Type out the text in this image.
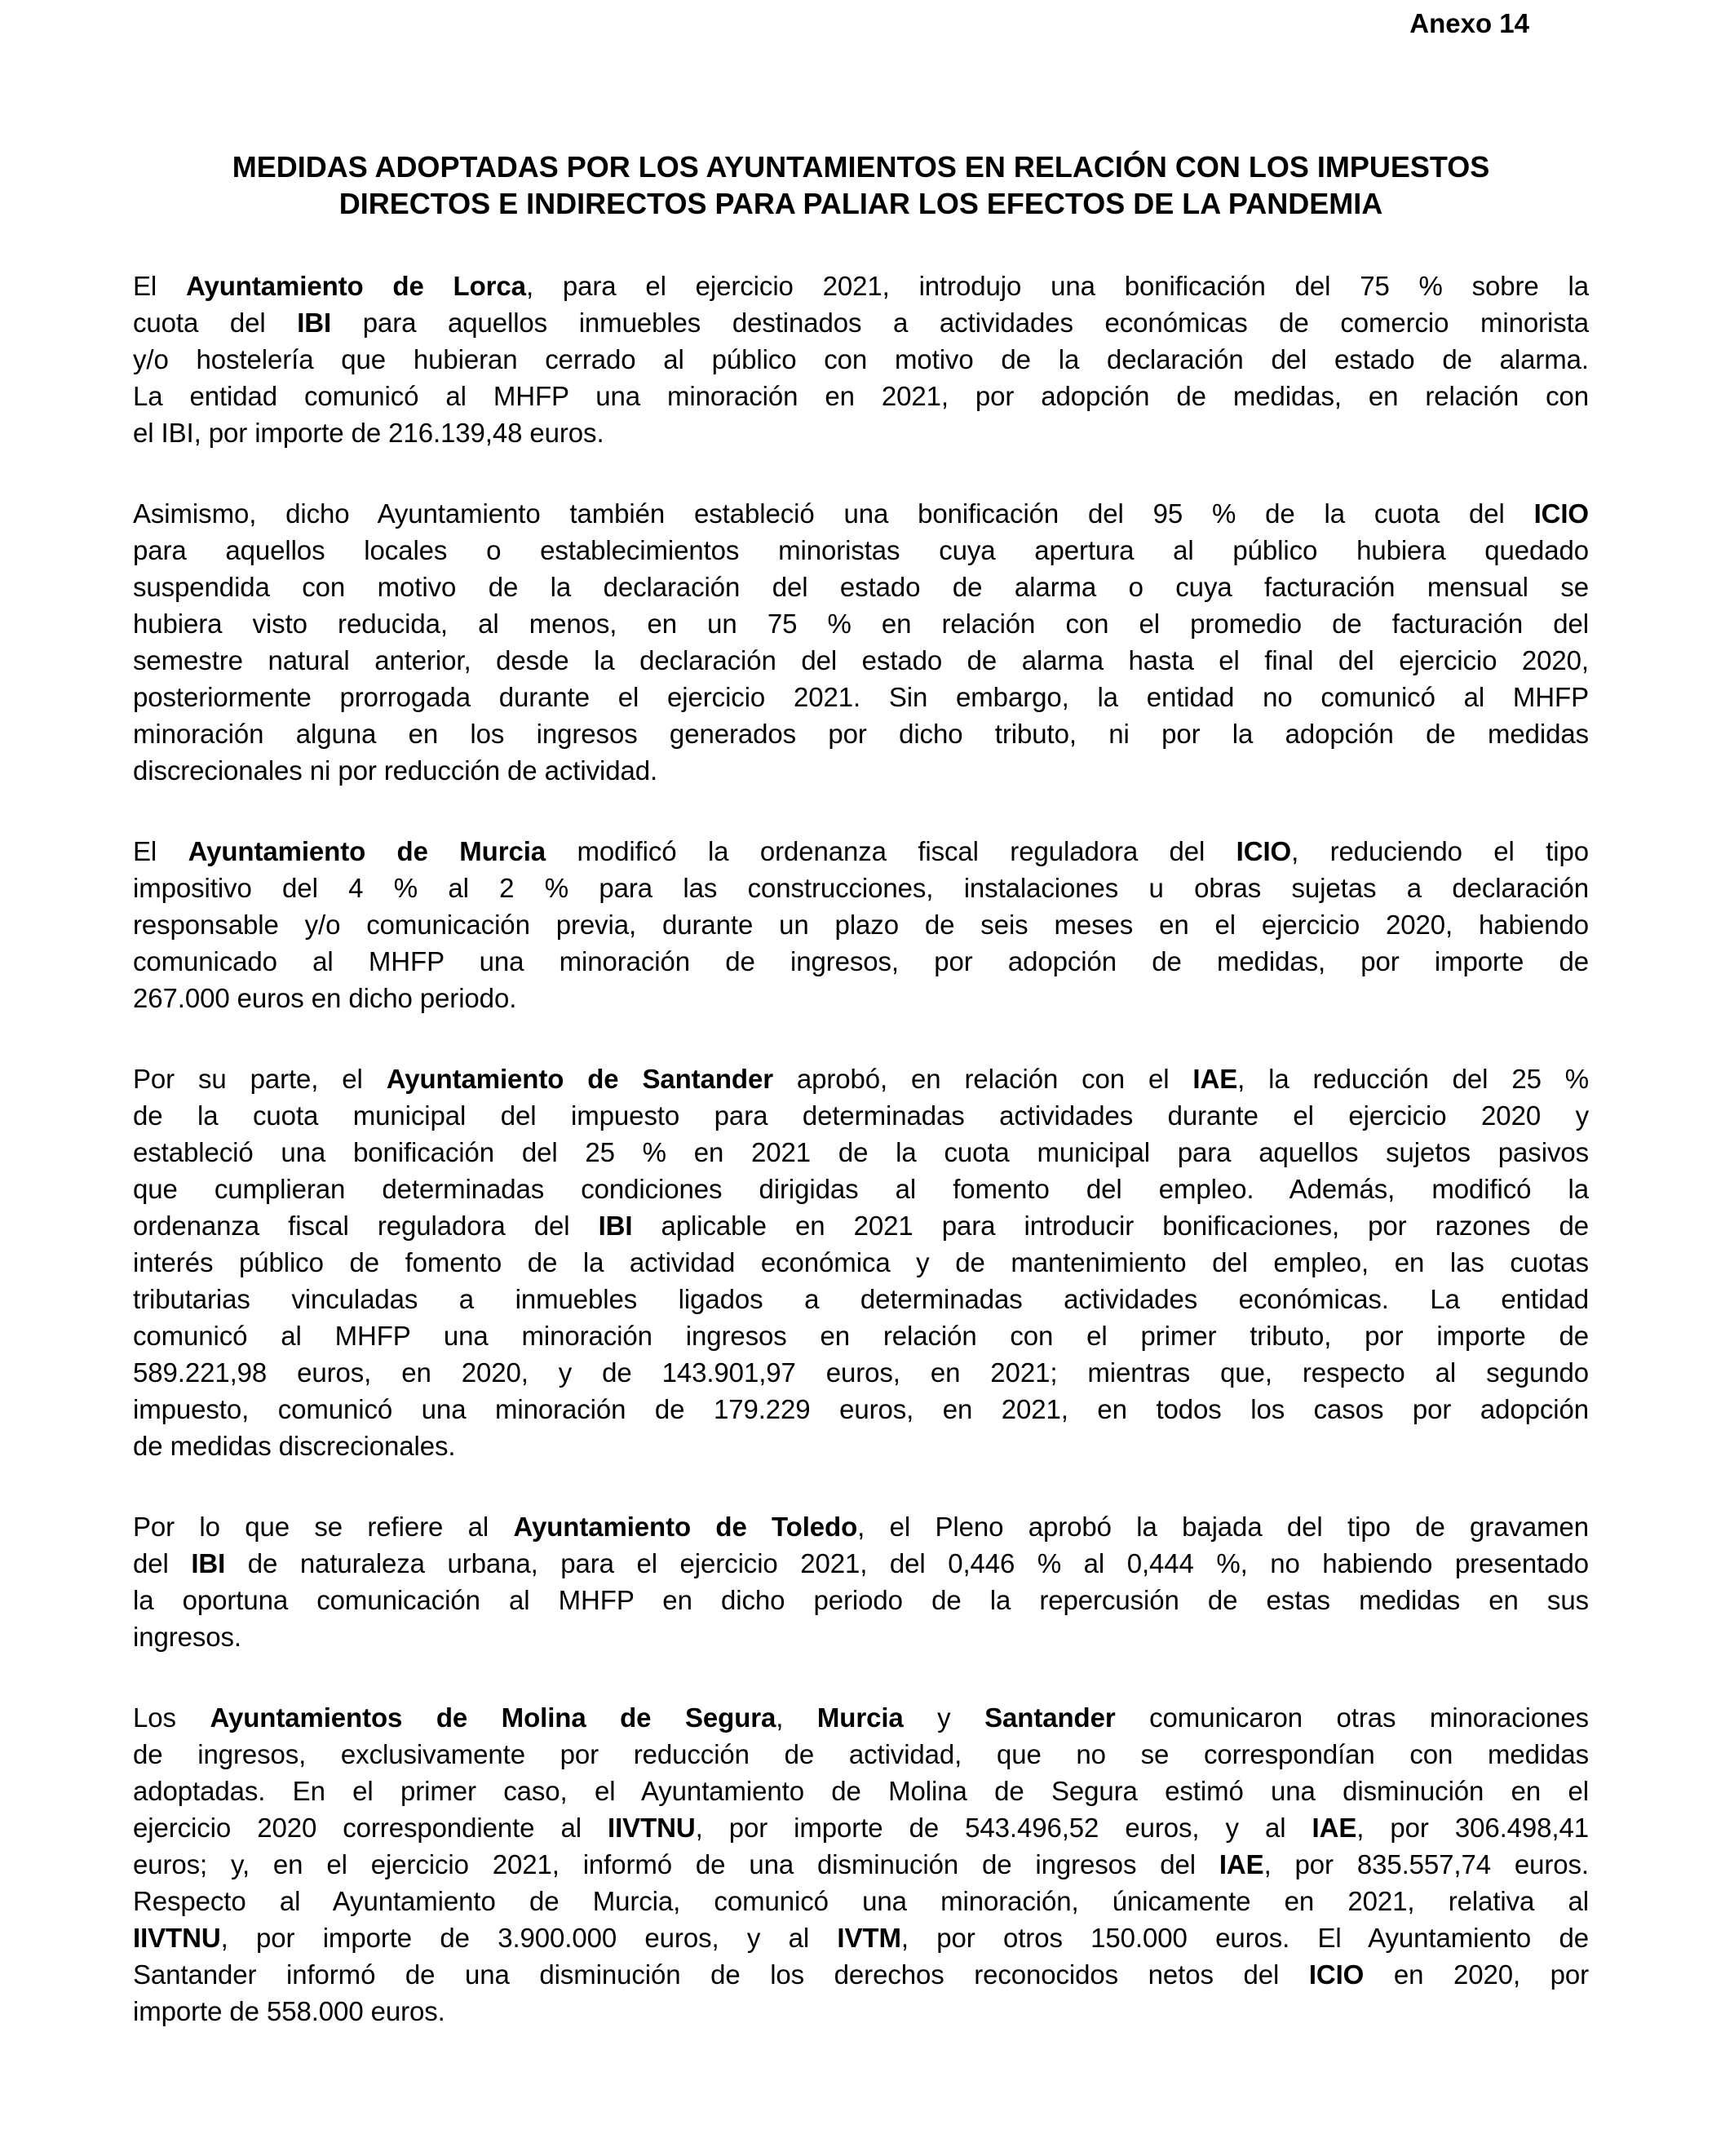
Anexo 14
MEDIDAS ADOPTADAS POR LOS AYUNTAMIENTOS EN RELACIÓN CON LOS IMPUESTOS
DIRECTOS E INDIRECTOS PARA PALIAR LOS EFECTOS DE LA PANDEMIA

El Ayuntamiento de Lorca, para el ejercicio 2021, introdujo una bonificación del 75 % sobre la
cuota del IBI para aquellos inmuebles destinados a actividades económicas de comercio minorista
y/o hostelería que hubieran cerrado al público con motivo de la declaración del estado de alarma.
La entidad comunicó al MHFP una minoración en 2021, por adopción de medidas, en relación con
el IBI, por importe de 216.139,48 euros.

Asimismo, dicho Ayuntamiento también estableció una bonificación del 95 % de la cuota del ICIO
para aquellos locales o establecimientos minoristas cuya apertura al público hubiera quedado
suspendida con motivo de la declaración del estado de alarma o cuya facturación mensual se
hubiera visto reducida, al menos, en un 75 % en relación con el promedio de facturación del
semestre natural anterior, desde la declaración del estado de alarma hasta el final del ejercicio 2020,
posteriormente prorrogada durante el ejercicio 2021. Sin embargo, la entidad no comunicó al MHFP
minoración alguna en los ingresos generados por dicho tributo, ni por la adopción de medidas
discrecionales ni por reducción de actividad.

El Ayuntamiento de Murcia modificó la ordenanza fiscal reguladora del ICIO, reduciendo el tipo
impositivo del 4 % al 2 % para las construcciones, instalaciones u obras sujetas a declaración
responsable y/o comunicación previa, durante un plazo de seis meses en el ejercicio 2020, habiendo
comunicado al MHFP una minoración de ingresos, por adopción de medidas, por importe de
267.000 euros en dicho periodo.

Por su parte, el Ayuntamiento de Santander aprobó, en relación con el IAE, la reducción del 25 %
de la cuota municipal del impuesto para determinadas actividades durante el ejercicio 2020 y
estableció una bonificación del 25 % en 2021 de la cuota municipal para aquellos sujetos pasivos
que cumplieran determinadas condiciones dirigidas al fomento del empleo. Además, modificó la
ordenanza fiscal reguladora del IBI aplicable en 2021 para introducir bonificaciones, por razones de
interés público de fomento de la actividad económica y de mantenimiento del empleo, en las cuotas
tributarias vinculadas a inmuebles ligados a determinadas actividades económicas. La entidad
comunicó al MHFP una minoración ingresos en relación con el primer tributo, por importe de
589.221,98 euros, en 2020, y de 143.901,97 euros, en 2021; mientras que, respecto al segundo
impuesto, comunicó una minoración de 179.229 euros, en 2021, en todos los casos por adopción
de medidas discrecionales.

Por lo que se refiere al Ayuntamiento de Toledo, el Pleno aprobó la bajada del tipo de gravamen
del IBI de naturaleza urbana, para el ejercicio 2021, del 0,446 % al 0,444 %, no habiendo presentado
la oportuna comunicación al MHFP en dicho periodo de la repercusión de estas medidas en sus
ingresos.

Los Ayuntamientos de Molina de Segura, Murcia y Santander comunicaron otras minoraciones
de ingresos, exclusivamente por reducción de actividad, que no se correspondían con medidas
adoptadas. En el primer caso, el Ayuntamiento de Molina de Segura estimó una disminución en el
ejercicio 2020 correspondiente al IIVTNU, por importe de 543.496,52 euros, y al IAE, por 306.498,41
euros; y, en el ejercicio 2021, informó de una disminución de ingresos del IAE, por 835.557,74 euros.
Respecto al Ayuntamiento de Murcia, comunicó una minoración, únicamente en 2021, relativa al
IIVTNU, por importe de 3.900.000 euros, y al IVTM, por otros 150.000 euros. El Ayuntamiento de
Santander informó de una disminución de los derechos reconocidos netos del ICIO en 2020, por
importe de 558.000 euros.
